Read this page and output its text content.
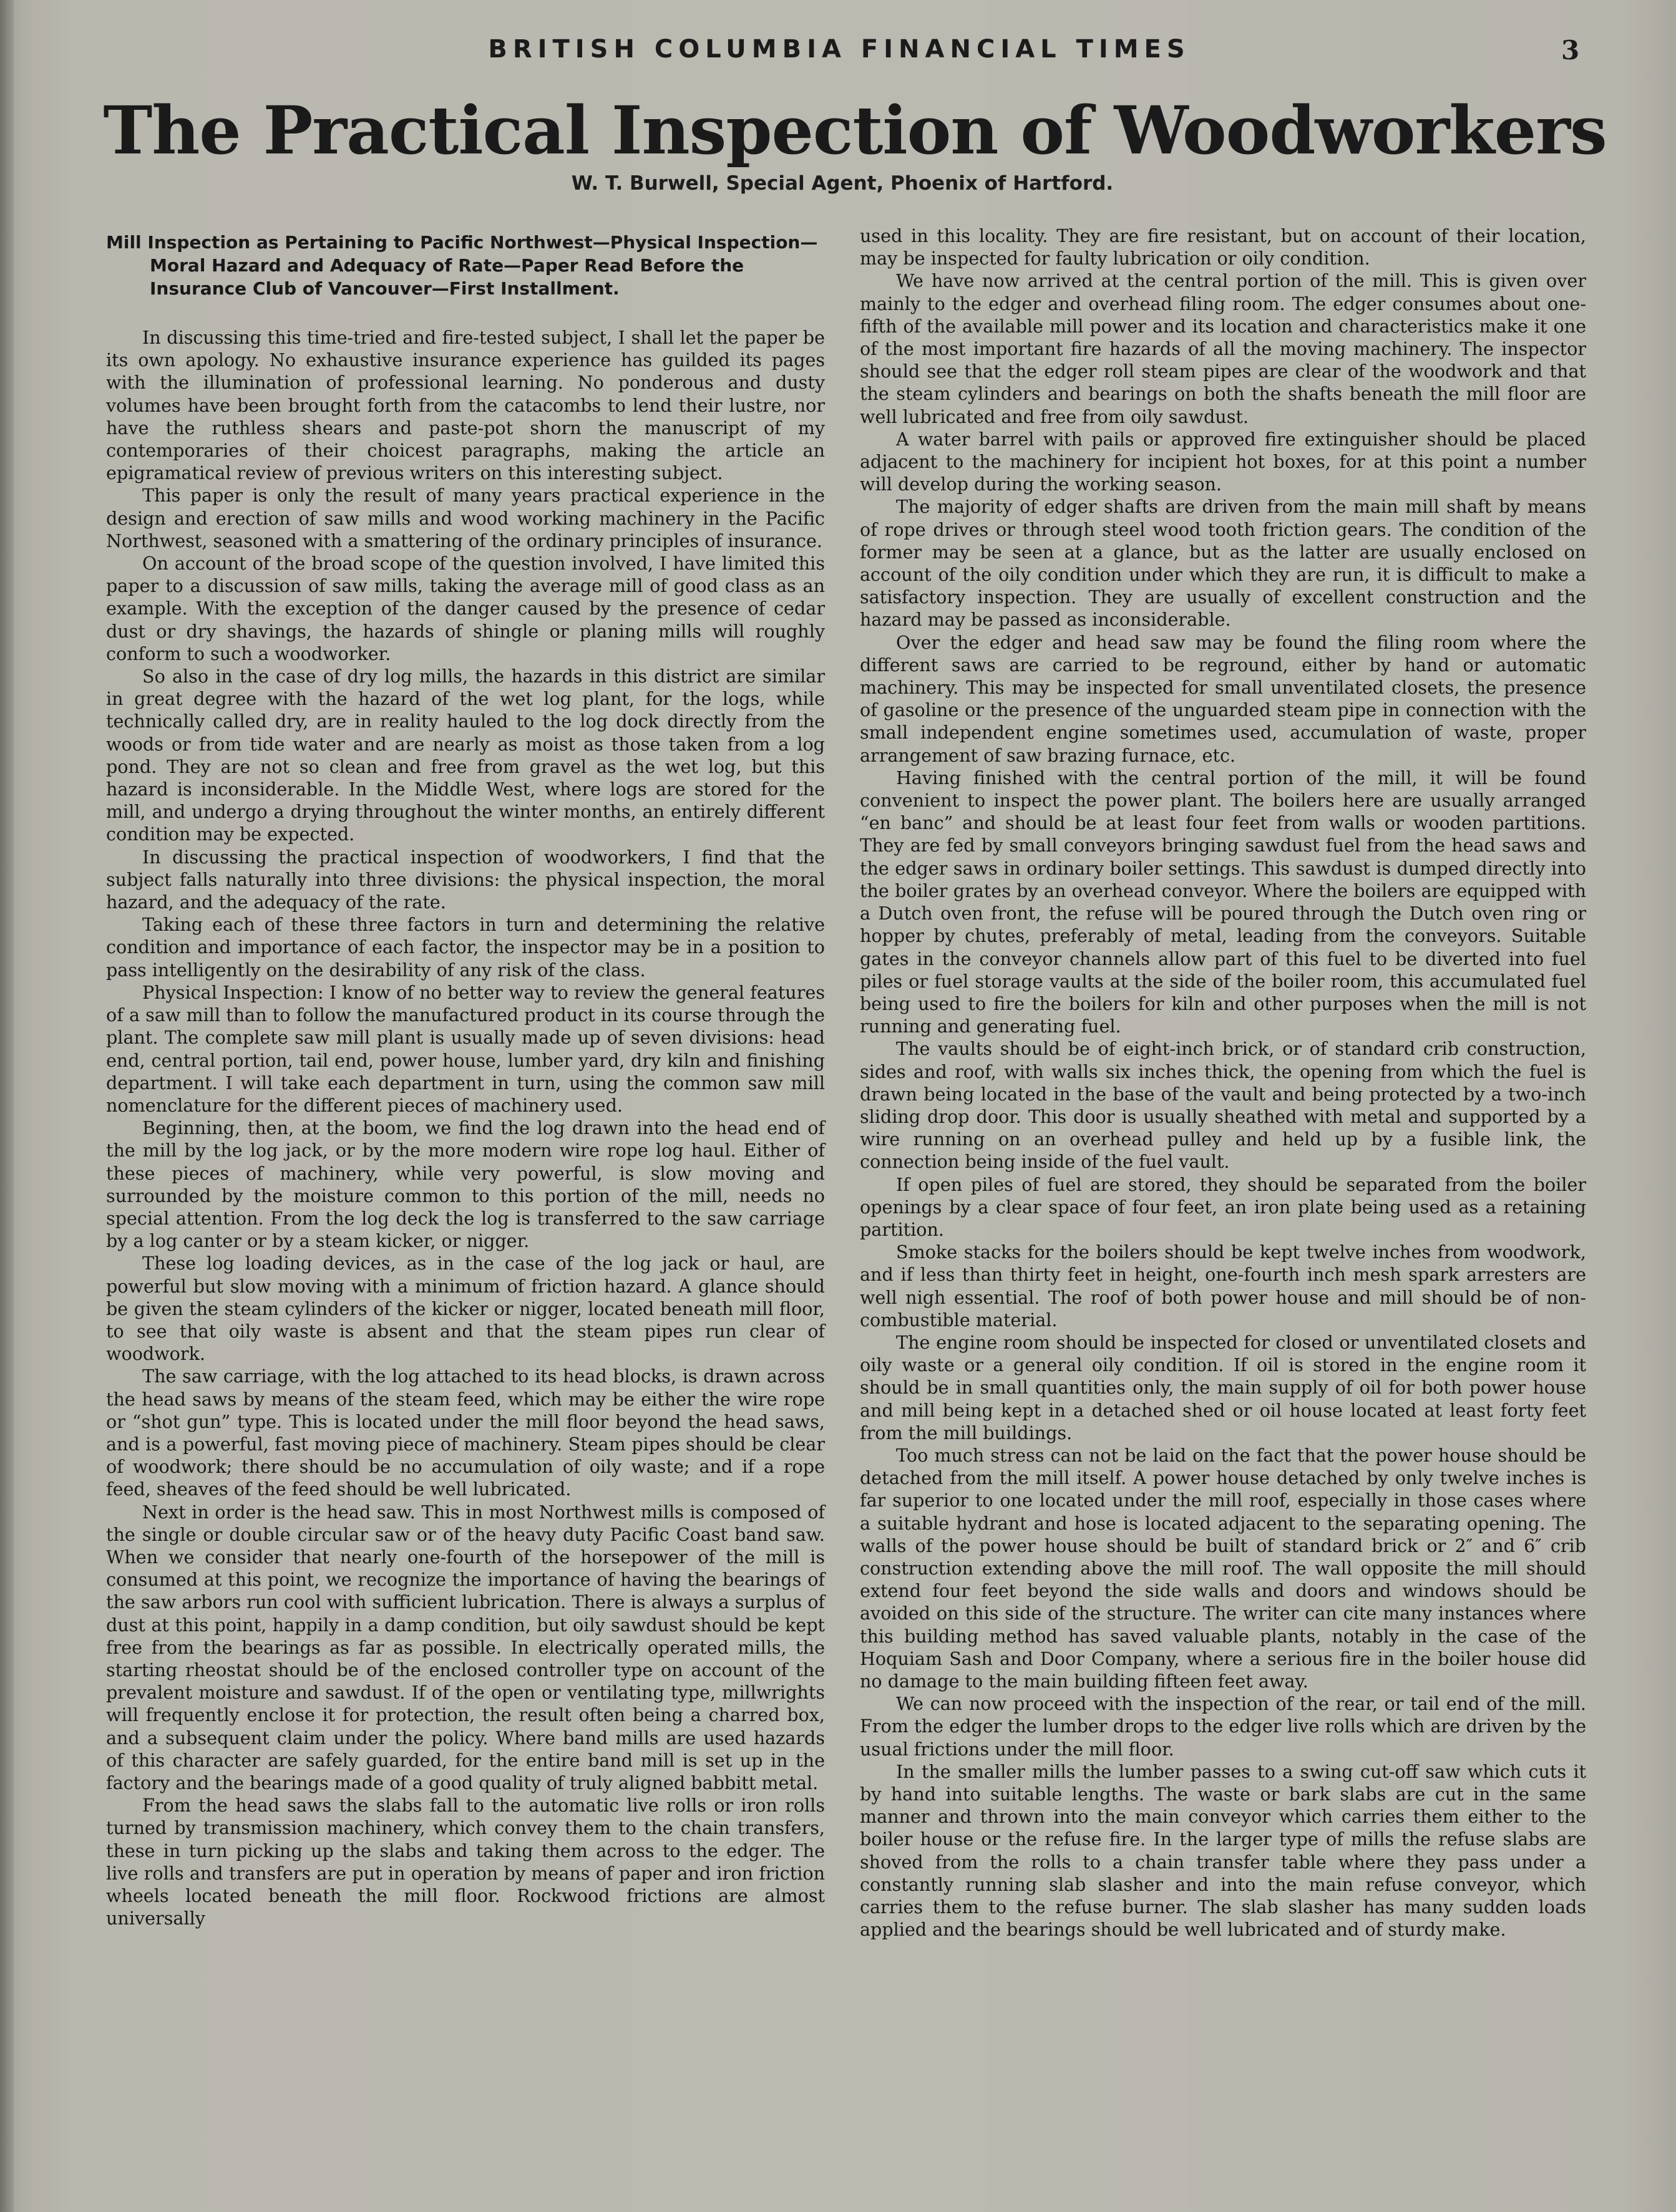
BRITISH COLUMBIA FINANCIAL TIMES	3
The Practical Inspection of Woodworkers
W. T. Burwell, Special Agent, Phoenix of Hartford.
Mill Inspection as Pertaining to Pacific Northwest—Physical Inspection—Moral Hazard and Adequacy of Rate—Paper Read Before the Insurance Club of Vancouver—First Installment.

In discussing this time-tried and fire-tested subject, I shall let the paper be its own apology. No exhaustive insurance experience has guilded its pages with the illumination of professional learning. No ponderous and dusty volumes have been brought forth from the catacombs to lend their lustre, nor have the ruthless shears and paste-pot shorn the manuscript of my contemporaries of their choicest paragraphs, making the article an epigramatical review of previous writers on this interesting subject.

This paper is only the result of many years practical experience in the design and erection of saw mills and wood working machinery in the Pacific Northwest, seasoned with a smattering of the ordinary principles of insurance.

On account of the broad scope of the question involved, I have limited this paper to a discussion of saw mills, taking the average mill of good class as an example. With the exception of the danger caused by the presence of cedar dust or dry shavings, the hazards of shingle or planing mills will roughly conform to such a woodworker.

So also in the case of dry log mills, the hazards in this district are similar in great degree with the hazard of the wet log plant, for the logs, while technically called dry, are in reality hauled to the log dock directly from the woods or from tide water and are nearly as moist as those taken from a log pond. They are not so clean and free from gravel as the wet log, but this hazard is inconsiderable. In the Middle West, where logs are stored for the mill, and undergo a drying throughout the winter months, an entirely different condition may be expected.

In discussing the practical inspection of woodworkers, I find that the subject falls naturally into three divisions: the physical inspection, the moral hazard, and the adequacy of the rate.

Taking each of these three factors in turn and determining the relative condition and importance of each factor, the inspector may be in a position to pass intelligently on the desirability of any risk of the class.

Physical Inspection: I know of no better way to review the general features of a saw mill than to follow the manufactured product in its course through the plant. The complete saw mill plant is usually made up of seven divisions: head end, central portion, tail end, power house, lumber yard, dry kiln and finishing department. I will take each department in turn, using the common saw mill nomenclature for the different pieces of machinery used.

Beginning, then, at the boom, we find the log drawn into the head end of the mill by the log jack, or by the more modern wire rope log haul. Either of these pieces of machinery, while very powerful, is slow moving and surrounded by the moisture common to this portion of the mill, needs no special attention. From the log deck the log is transferred to the saw carriage by a log canter or by a steam kicker, or nigger.

These log loading devices, as in the case of the log jack or haul, are powerful but slow moving with a minimum of friction hazard. A glance should be given the steam cylinders of the kicker or nigger, located beneath mill floor, to see that oily waste is absent and that the steam pipes run clear of woodwork.

The saw carriage, with the log attached to its head blocks, is drawn across the head saws by means of the steam feed, which may be either the wire rope or “shot gun” type. This is located under the mill floor beyond the head saws, and is a powerful, fast moving piece of machinery. Steam pipes should be clear of woodwork; there should be no accumulation of oily waste; and if a rope feed, sheaves of the feed should be well lubricated.

Next in order is the head saw. This in most Northwest mills is composed of the single or double circular saw or of the heavy duty Pacific Coast band saw. When we consider that nearly one-fourth of the horsepower of the mill is consumed at this point, we recognize the importance of having the bearings of the saw arbors run cool with sufficient lubrication. There is always a surplus of dust at this point, happily in a damp condition, but oily sawdust should be kept free from the bearings as far as possible. In electrically operated mills, the starting rheostat should be of the enclosed controller type on account of the prevalent moisture and sawdust. If of the open or ventilating type, millwrights will frequently enclose it for protection, the result often being a charred box, and a subsequent claim under the policy. Where band mills are used hazards of this character are safely guarded, for the entire band mill is set up in the factory and the bearings made of a good quality of truly aligned babbitt metal.

From the head saws the slabs fall to the automatic live rolls or iron rolls turned by transmission machinery, which convey them to the chain transfers, these in turn picking up the slabs and taking them across to the edger. The live rolls and transfers are put in operation by means of paper and iron friction wheels located beneath the mill floor. Rockwood frictions are almost universally

used in this locality. They are fire resistant, but on account of their location, may be inspected for faulty lubrication or oily condition.

We have now arrived at the central portion of the mill. This is given over mainly to the edger and overhead filing room. The edger consumes about one-fifth of the available mill power and its location and characteristics make it one of the most important fire hazards of all the moving machinery. The inspector should see that the edger roll steam pipes are clear of the woodwork and that the steam cylinders and bearings on both the shafts beneath the mill floor are well lubricated and free from oily sawdust.

A water barrel with pails or approved fire extinguisher should be placed adjacent to the machinery for incipient hot boxes, for at this point a number will develop during the working season.

The majority of edger shafts are driven from the main mill shaft by means of rope drives or through steel wood tooth friction gears. The condition of the former may be seen at a glance, but as the latter are usually enclosed on account of the oily condition under which they are run, it is difficult to make a satisfactory inspection. They are usually of excellent construction and the hazard may be passed as inconsiderable.

Over the edger and head saw may be found the filing room where the different saws are carried to be reground, either by hand or automatic machinery. This may be inspected for small unventilated closets, the presence of gasoline or the presence of the unguarded steam pipe in connection with the small independent engine sometimes used, accumulation of waste, proper arrangement of saw brazing furnace, etc.

Having finished with the central portion of the mill, it will be found convenient to inspect the power plant. The boilers here are usually arranged “en banc” and should be at least four feet from walls or wooden partitions. They are fed by small conveyors bringing sawdust fuel from the head saws and the edger saws in ordinary boiler settings. This sawdust is dumped directly into the boiler grates by an overhead conveyor. Where the boilers are equipped with a Dutch oven front, the refuse will be poured through the Dutch oven ring or hopper by chutes, preferably of metal, leading from the conveyors. Suitable gates in the conveyor channels allow part of this fuel to be diverted into fuel piles or fuel storage vaults at the side of the boiler room, this accumulated fuel being used to fire the boilers for kiln and other purposes when the mill is not running and generating fuel.

The vaults should be of eight-inch brick, or of standard crib construction, sides and roof, with walls six inches thick, the opening from which the fuel is drawn being located in the base of the vault and being protected by a two-inch sliding drop door. This door is usually sheathed with metal and supported by a wire running on an overhead pulley and held up by a fusible link, the connection being inside of the fuel vault.

If open piles of fuel are stored, they should be separated from the boiler openings by a clear space of four feet, an iron plate being used as a retaining partition.

Smoke stacks for the boilers should be kept twelve inches from woodwork, and if less than thirty feet in height, one-fourth inch mesh spark arresters are well nigh essential. The roof of both power house and mill should be of non-combustible material.

The engine room should be inspected for closed or unventilated closets and oily waste or a general oily condition. If oil is stored in the engine room it should be in small quantities only, the main supply of oil for both power house and mill being kept in a detached shed or oil house located at least forty feet from the mill buildings.

Too much stress can not be laid on the fact that the power house should be detached from the mill itself. A power house detached by only twelve inches is far superior to one located under the mill roof, especially in those cases where a suitable hydrant and hose is located adjacent to the separating opening. The walls of the power house should be built of standard brick or 2″ and 6″ crib construction extending above the mill roof. The wall opposite the mill should extend four feet beyond the side walls and doors and windows should be avoided on this side of the structure. The writer can cite many instances where this building method has saved valuable plants, notably in the case of the Hoquiam Sash and Door Company, where a serious fire in the boiler house did no damage to the main building fifteen feet away.

We can now proceed with the inspection of the rear, or tail end of the mill. From the edger the lumber drops to the edger live rolls which are driven by the usual frictions under the mill floor.

In the smaller mills the lumber passes to a swing cut-off saw which cuts it by hand into suitable lengths. The waste or bark slabs are cut in the same manner and thrown into the main conveyor which carries them either to the boiler house or the refuse fire. In the larger type of mills the refuse slabs are shoved from the rolls to a chain transfer table where they pass under a constantly running slab slasher and into the main refuse conveyor, which carries them to the refuse burner. The slab slasher has many sudden loads applied and the bearings should be well lubricated and of sturdy make.
